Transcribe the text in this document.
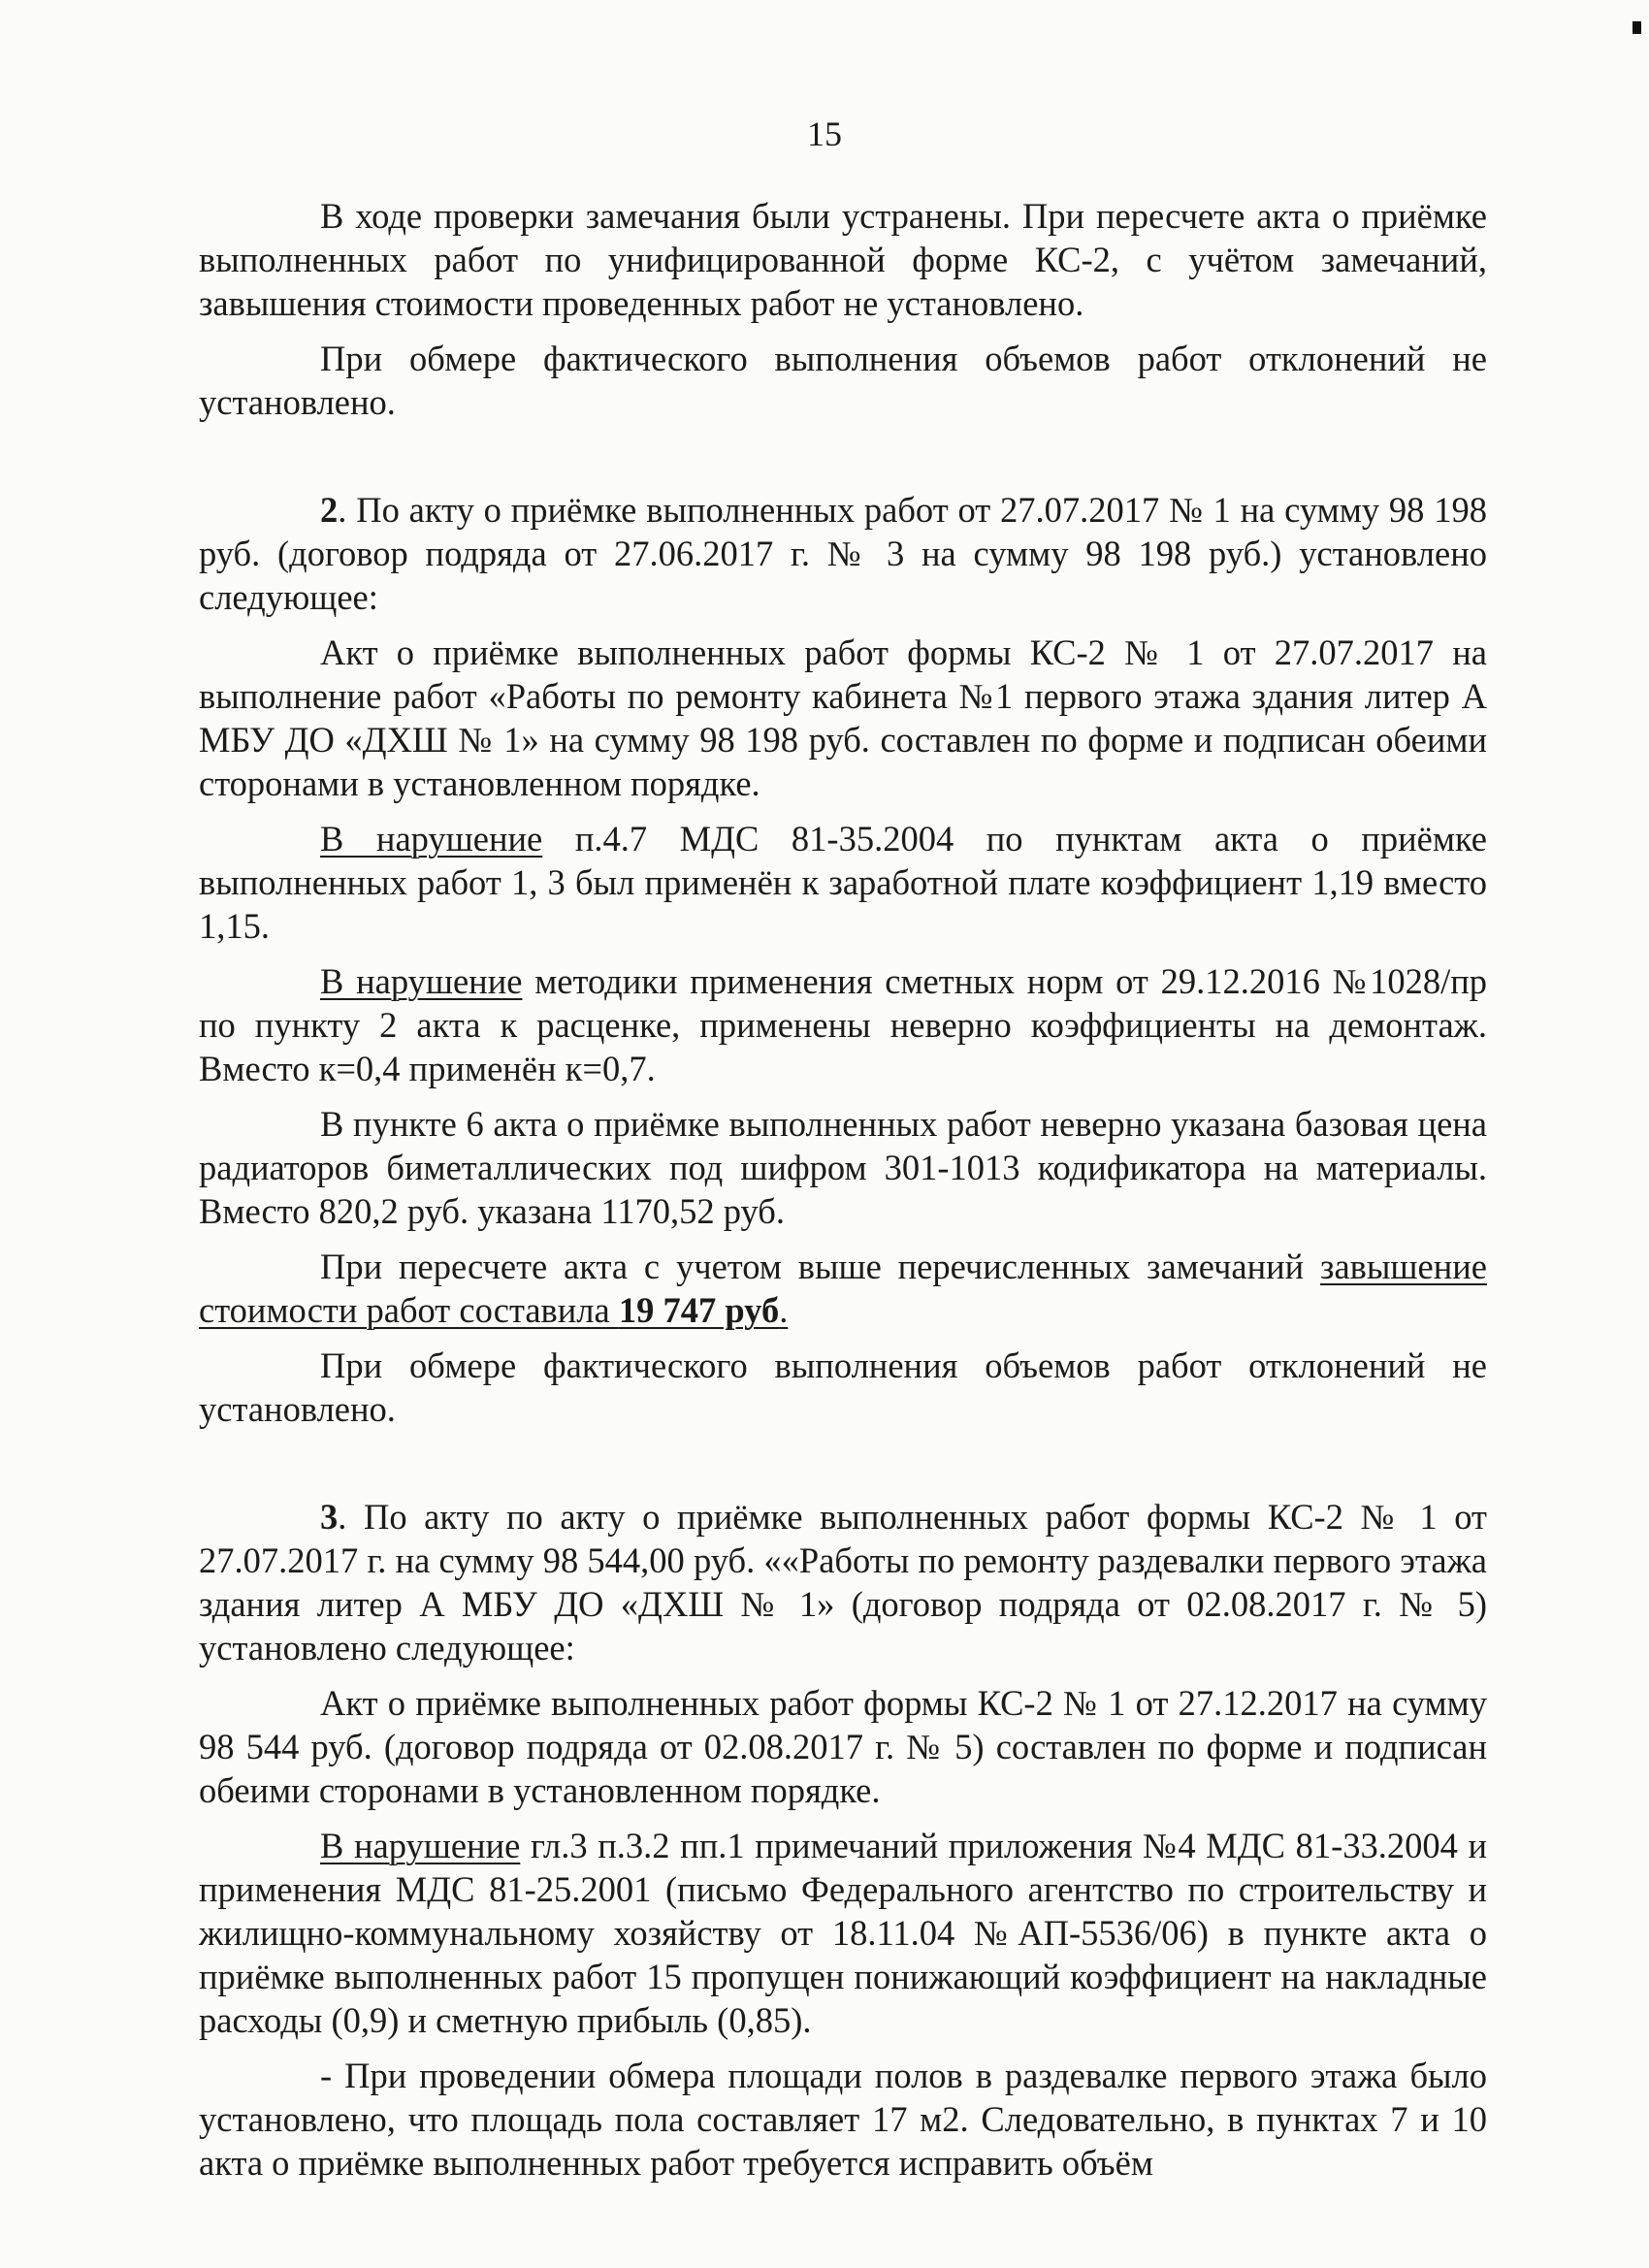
15

В ходе проверки замечания были устранены. При пересчете акта о приёмке выполненных работ по унифицированной форме КС-2, с учётом замечаний, завышения стоимости проведенных работ не установлено.

При обмере фактического выполнения объемов работ отклонений не установлено.

2. По акту о приёмке выполненных работ от 27.07.2017 № 1 на сумму 98 198 руб. (договор подряда от 27.06.2017 г. № 3 на сумму 98 198 руб.) установлено следующее:

Акт о приёмке выполненных работ формы КС-2 № 1 от 27.07.2017 на выполнение работ «Работы по ремонту кабинета №1 первого этажа здания литер А МБУ ДО «ДХШ № 1» на сумму 98 198 руб. составлен по форме и подписан обеими сторонами в установленном порядке.

В нарушение п.4.7 МДС 81-35.2004 по пунктам акта о приёмке выполненных работ 1, 3 был применён к заработной плате коэффициент 1,19 вместо 1,15.

В нарушение методики применения сметных норм от 29.12.2016 №1028/пр по пункту 2 акта к расценке, применены неверно коэффициенты на демонтаж. Вместо к=0,4 применён к=0,7.

В пункте 6 акта о приёмке выполненных работ неверно указана базовая цена радиаторов биметаллических под шифром 301-1013 кодификатора на материалы. Вместо 820,2 руб. указана 1170,52 руб.

При пересчете акта с учетом выше перечисленных замечаний завышение стоимости работ составила 19 747 руб.

При обмере фактического выполнения объемов работ отклонений не установлено.

3. По акту по акту о приёмке выполненных работ формы КС-2 № 1 от 27.07.2017 г. на сумму 98 544,00 руб. ««Работы по ремонту раздевалки первого этажа здания литер А МБУ ДО «ДХШ № 1» (договор подряда от 02.08.2017 г. № 5) установлено следующее:

Акт о приёмке выполненных работ формы КС-2 № 1 от 27.12.2017 на сумму 98 544 руб. (договор подряда от 02.08.2017 г. № 5) составлен по форме и подписан обеими сторонами в установленном порядке.

В нарушение гл.3 п.3.2 пп.1 примечаний приложения №4 МДС 81-33.2004 и применения МДС 81-25.2001 (письмо Федерального агентство по строительству и жилищно-коммунальному хозяйству от 18.11.04 №АП-5536/06) в пункте акта о приёмке выполненных работ 15 пропущен понижающий коэффициент на накладные расходы (0,9) и сметную прибыль (0,85).

- При проведении обмера площади полов в раздевалке первого этажа было установлено, что площадь пола составляет 17 м2. Следовательно, в пунктах 7 и 10 акта о приёмке выполненных работ требуется исправить объём
